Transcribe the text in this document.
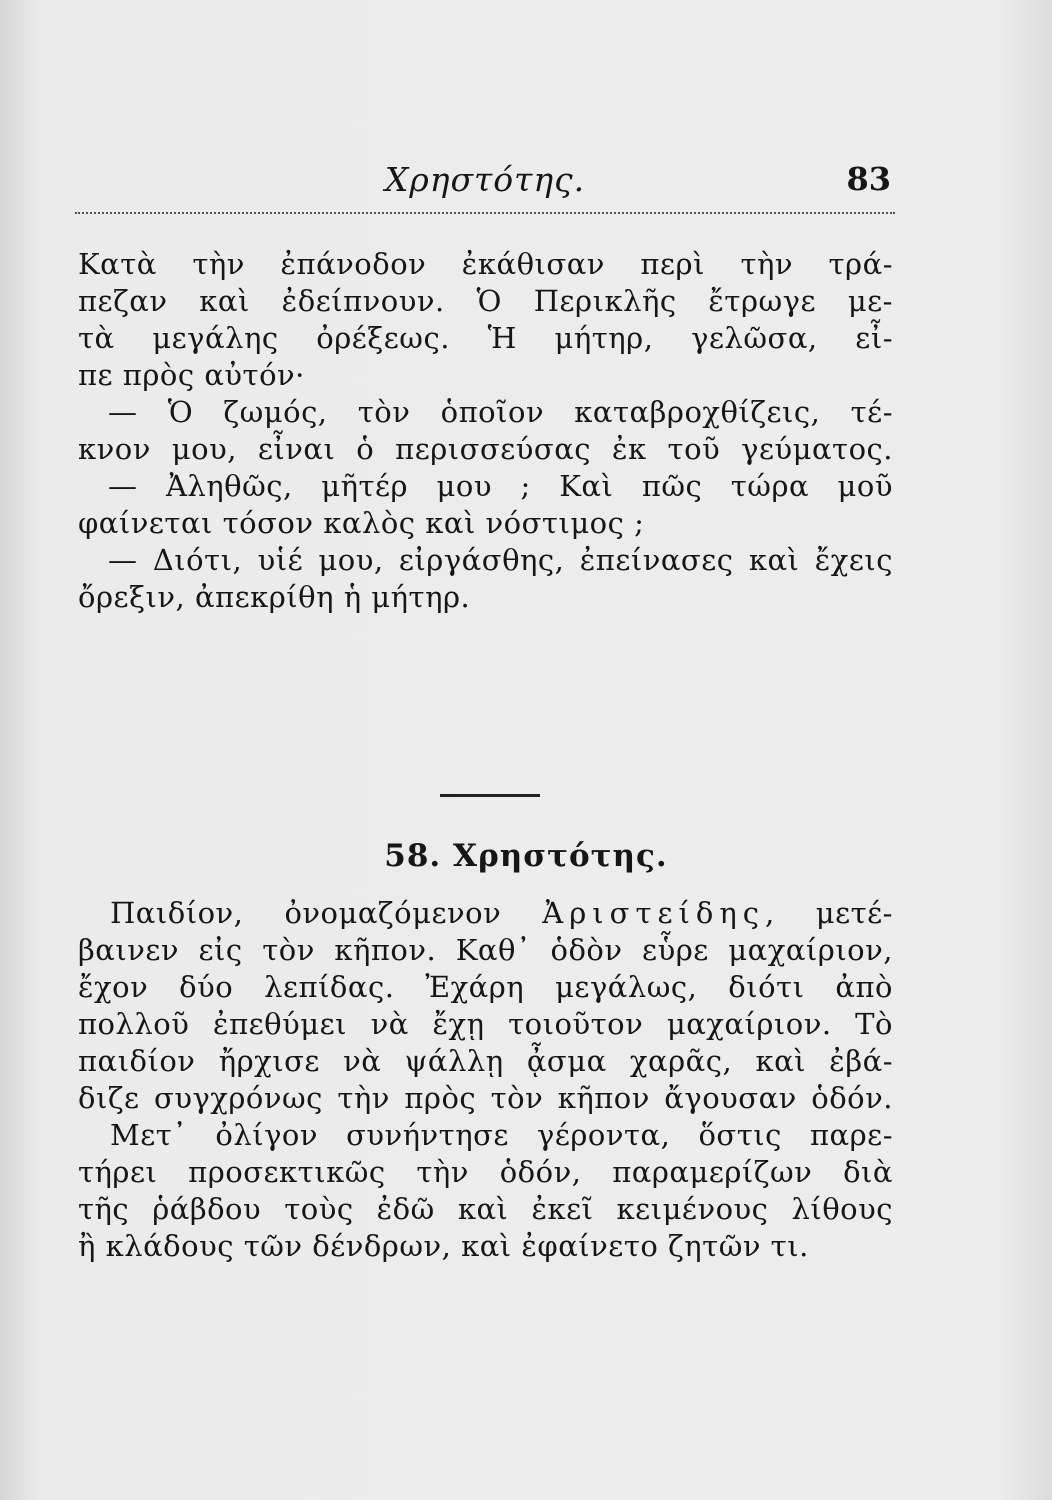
Χρηστότης.	83
Κατὰ τὴν ἐπάνοδον ἐκάθισαν περὶ τὴν τρά-
πεζαν καὶ ἐδείπνουν. Ὁ Περικλῆς ἔτρωγε με-
τὰ μεγάλης ὀρέξεως. Ἡ μήτηρ, γελῶσα, εἶ-
πε πρὸς αὐτόν·
— Ὁ ζωμός, τὸν ὁποῖον καταβροχθίζεις, τέ-
κνον μου, εἶναι ὁ περισσεύσας ἐκ τοῦ γεύματος.
— Ἀληθῶς, μῆτέρ μου ; Καὶ πῶς τώρα μοῦ
φαίνεται τόσον καλὸς καὶ νόστιμος ;
— Διότι, υἱέ μου, εἰργάσθης, ἐπείνασες καὶ ἔχεις
ὄρεξιν, ἀπεκρίθη ἡ μήτηρ.
58. Χρηστότης.
Παιδίον, ὀνομαζόμενον Ἀριστείδης, μετέ-
βαινεν εἰς τὸν κῆπον. Καθ᾽ ὁδὸν εὗρε μαχαίριον,
ἔχον δύο λεπίδας. Ἐχάρη μεγάλως, διότι ἀπὸ
πολλοῦ ἐπεθύμει νὰ ἔχῃ τοιοῦτον μαχαίριον. Τὸ
παιδίον ἤρχισε νὰ ψάλλῃ ᾆσμα χαρᾶς, καὶ ἐβά-
διζε συγχρόνως τὴν πρὸς τὸν κῆπον ἄγουσαν ὁδόν.
Μετ᾽ ὀλίγον συνήντησε γέροντα, ὅστις παρε-
τήρει προσεκτικῶς τὴν ὁδόν, παραμερίζων διὰ
τῆς ῥάβδου τοὺς ἐδῶ καὶ ἐκεῖ κειμένους λίθους
ἢ κλάδους τῶν δένδρων, καὶ ἐφαίνετο ζητῶν τι.
